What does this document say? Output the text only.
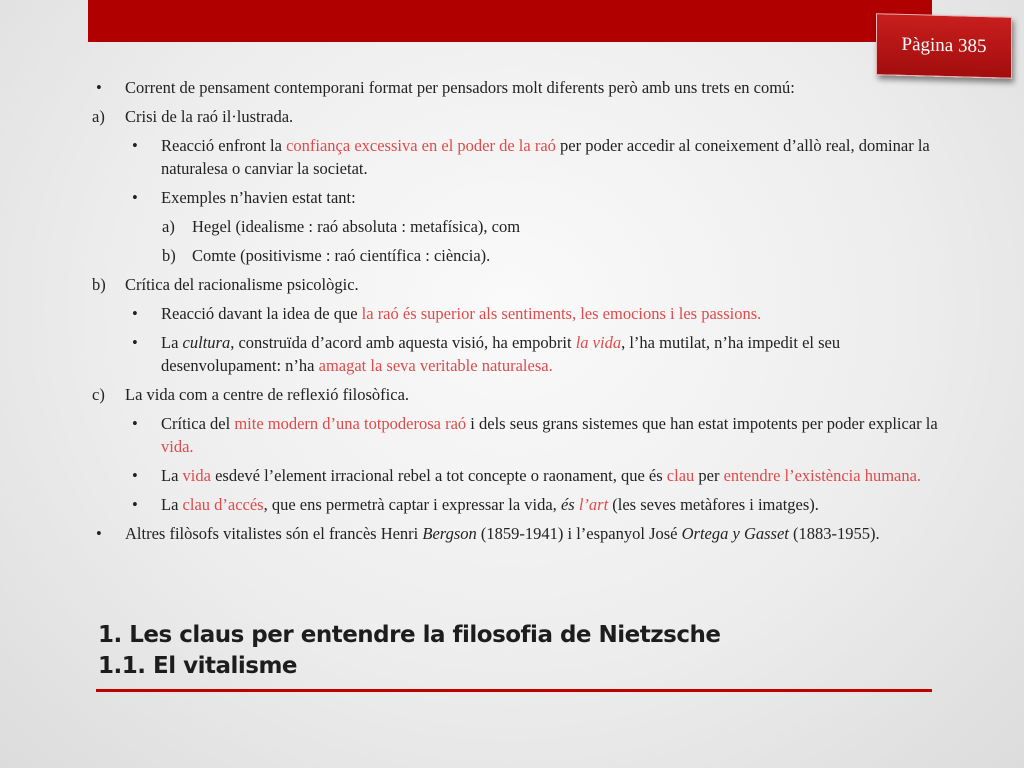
Pàgina 385
• Corrent de pensament contemporani format per pensadors molt diferents però amb uns trets en comú:
a) Crisi de la raó il·lustrada.
• Reacció enfront la confiança excessiva en el poder de la raó per poder accedir al coneixement d’allò real, dominar la naturalesa o canviar la societat.
• Exemples n’havien estat tant:
a) Hegel (idealisme : raó absoluta : metafísica), com
b) Comte (positivisme : raó científica : ciència).
b) Crítica del racionalisme psicològic.
• Reacció davant la idea de que la raó és superior als sentiments, les emocions i les passions.
• La cultura, construïda d’acord amb aquesta visió, ha empobrit la vida, l’ha mutilat, n’ha impedit el seu desenvolupament: n’ha amagat la seva veritable naturalesa.
c) La vida com a centre de reflexió filosòfica.
• Crítica del mite modern d’una totpoderosa raó i dels seus grans sistemes que han estat impotents per poder explicar la vida.
• La vida esdevé l’element irracional rebel a tot concepte o raonament, que és clau per entendre l’existència humana.
• La clau d’accés, que ens permetrà captar i expressar la vida, és l’art (les seves metàfores i imatges).
• Altres filòsofs vitalistes són el francès Henri Bergson (1859-1941) i l’espanyol José Ortega y Gasset (1883-1955).
1. Les claus per entendre la filosofia de Nietzsche
1.1. El vitalisme
